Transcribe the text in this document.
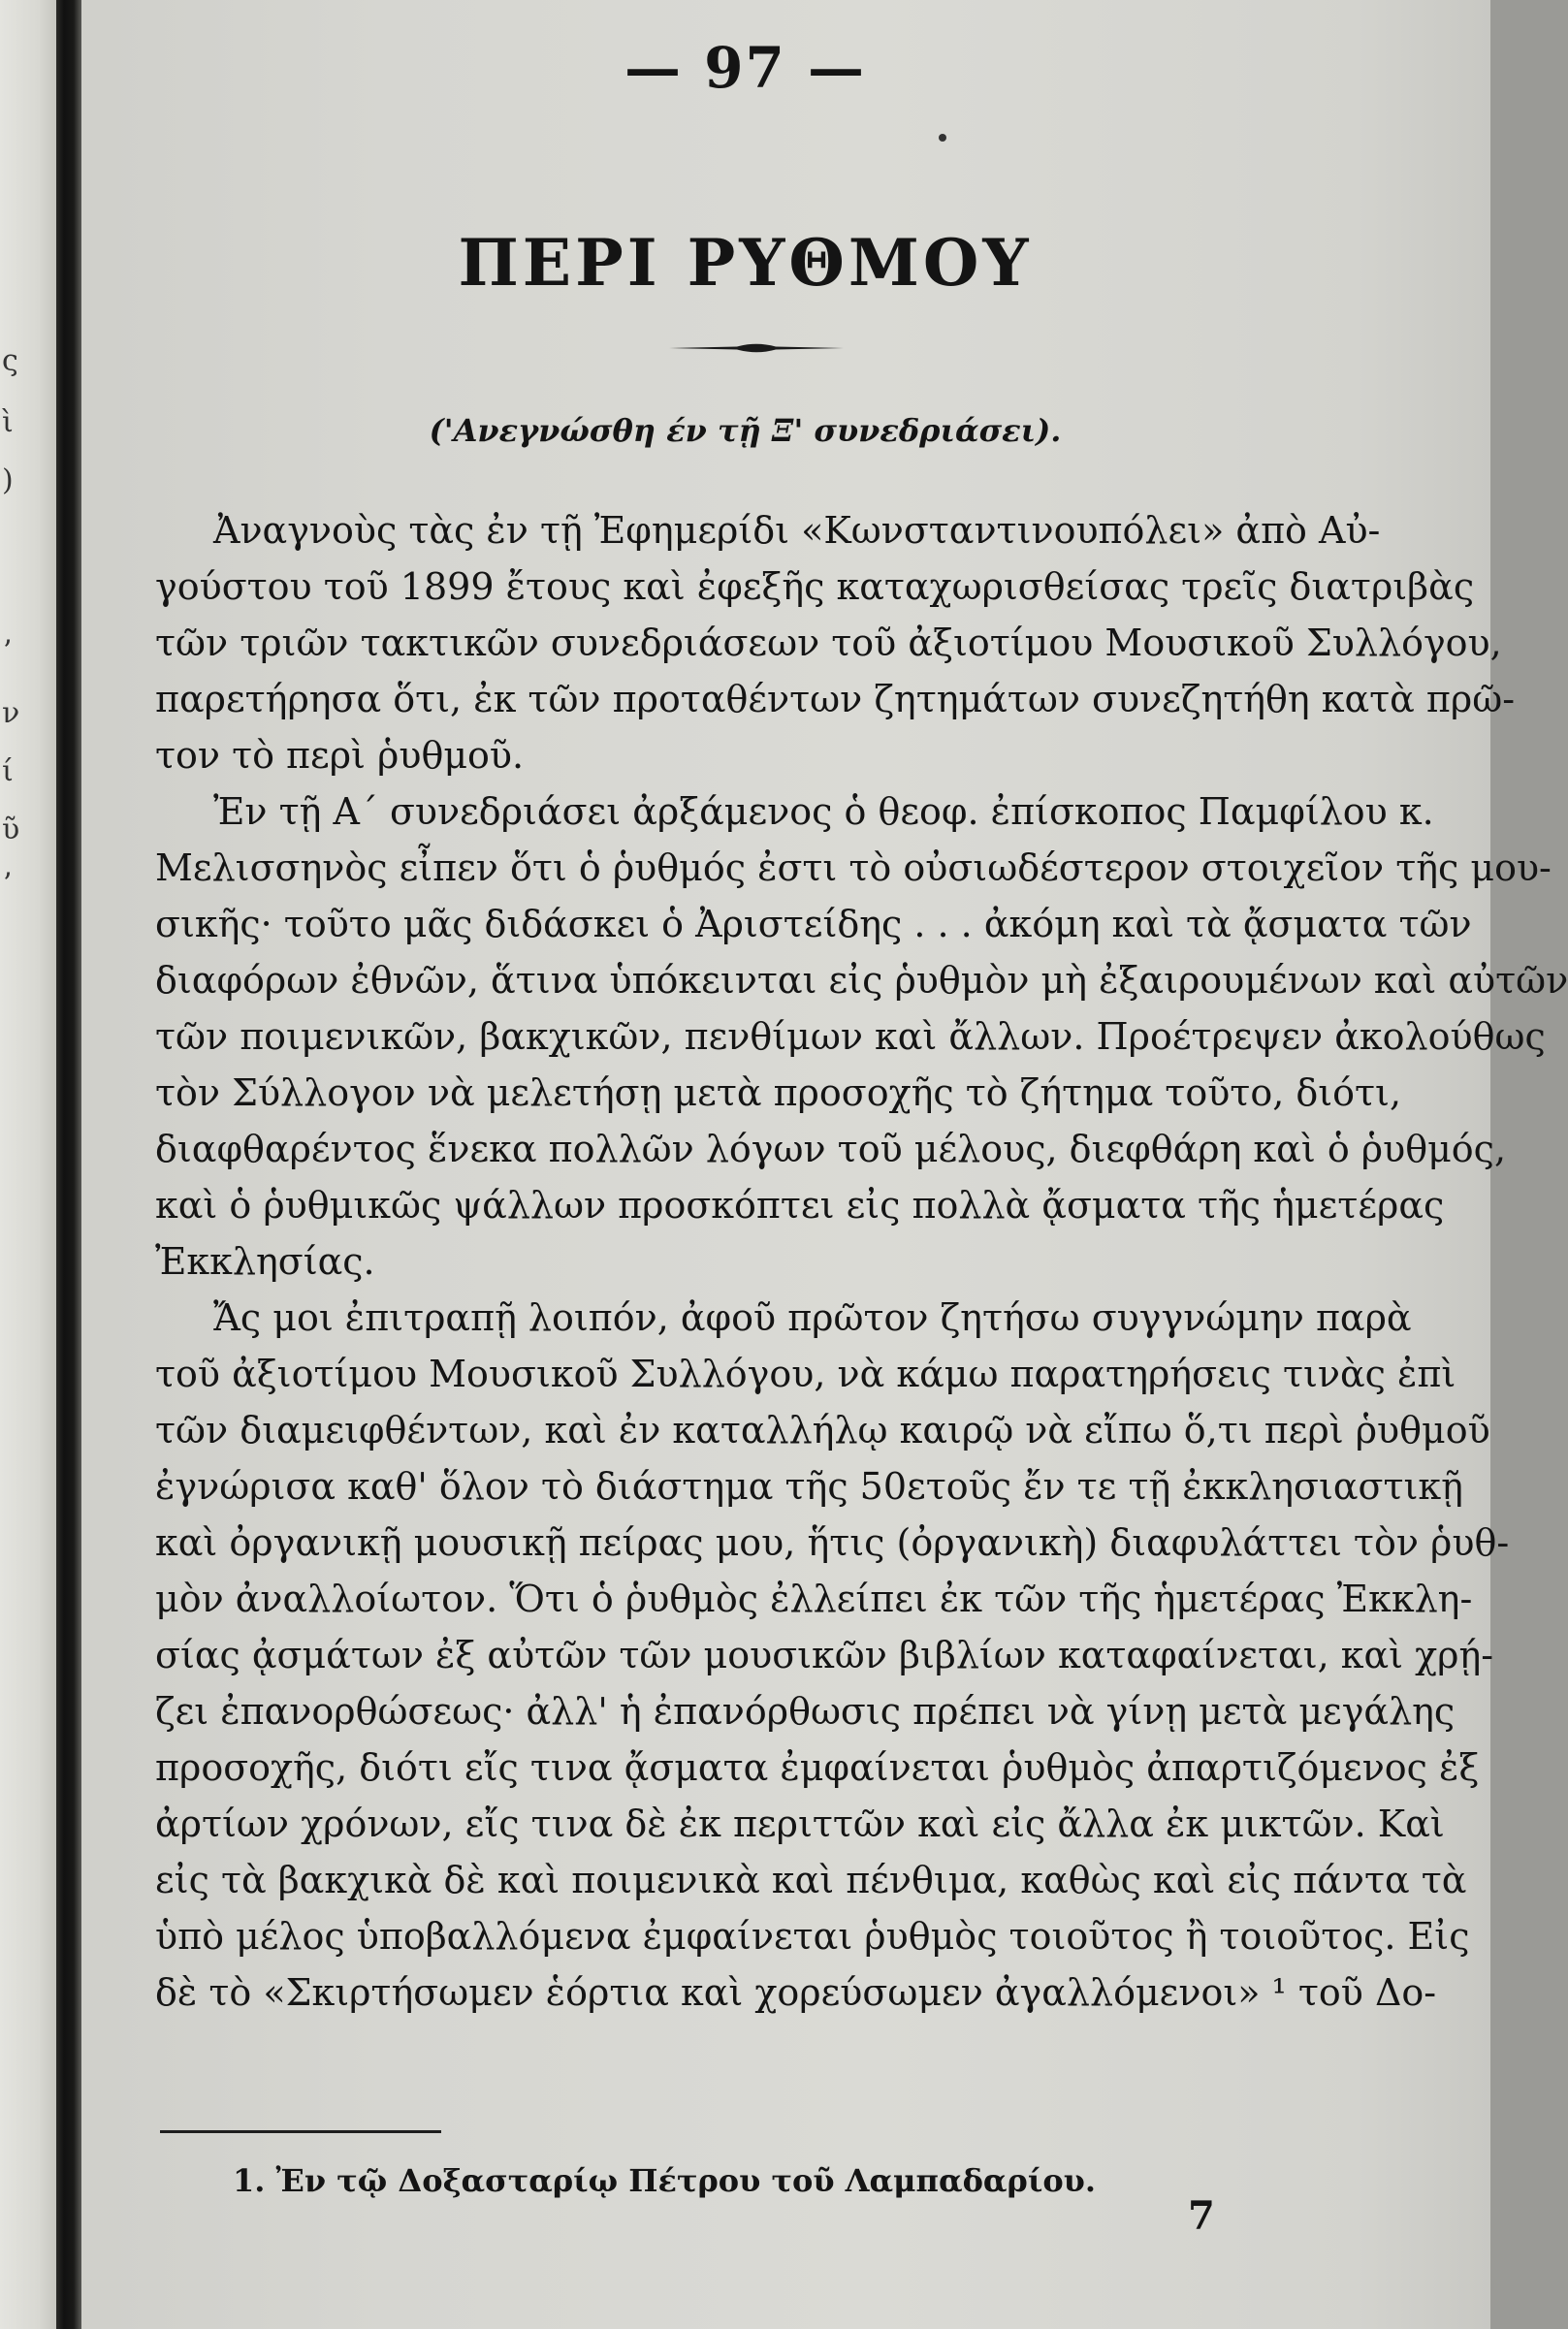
ς
ὶ
)
ʼ
ν
ί
ῦ
ʼ
— 97 —
ΠΕΡΙ ΡΥΘΜΟΥ
('Ανεγνώσθη έν τῇ Ξ' συνεδριάσει).
Ἀναγνοὺς τὰς ἐν τῇ Ἐφημερίδι «Κωνσταντινουπόλει» ἀπὸ Αὐ-
γούστου τοῦ 1899 ἔτους καὶ ἐφεξῆς καταχωρισθείσας τρεῖς διατριβὰς
τῶν τριῶν τακτικῶν συνεδριάσεων τοῦ ἀξιοτίμου Μουσικοῦ Συλλόγου,
παρετήρησα ὅτι, ἐκ τῶν προταθέντων ζητημάτων συνεζητήθη κατὰ πρῶ-
τον τὸ περὶ ῥυθμοῦ.
Ἐν τῇ Α΄ συνεδριάσει ἀρξάμενος ὁ θεοφ. ἐπίσκοπος Παμφίλου κ.
Μελισσηνὸς εἶπεν ὅτι ὁ ῥυθμός ἐστι τὸ οὐσιωδέστερον στοιχεῖον τῆς μου-
σικῆς· τοῦτο μᾶς διδάσκει ὁ Ἀριστείδης . . . ἀκόμη καὶ τὰ ᾄσματα τῶν
διαφόρων ἐθνῶν, ἅτινα ὑπόκεινται εἰς ῥυθμὸν μὴ ἐξαιρουμένων καὶ αὐτῶν
τῶν ποιμενικῶν, βακχικῶν, πενθίμων καὶ ἄλλων. Προέτρεψεν ἀκολούθως
τὸν Σύλλογον νὰ μελετήσῃ μετὰ προσοχῆς τὸ ζήτημα τοῦτο, διότι,
διαφθαρέντος ἕνεκα πολλῶν λόγων τοῦ μέλους, διεφθάρη καὶ ὁ ῥυθμός,
καὶ ὁ ῥυθμικῶς ψάλλων προσκόπτει εἰς πολλὰ ᾄσματα τῆς ἡμετέρας
Ἐκκλησίας.
Ἄς μοι ἐπιτραπῇ λοιπόν, ἀφοῦ πρῶτον ζητήσω συγγνώμην παρὰ
τοῦ ἀξιοτίμου Μουσικοῦ Συλλόγου, νὰ κάμω παρατηρήσεις τινὰς ἐπὶ
τῶν διαμειφθέντων, καὶ ἐν καταλλήλῳ καιρῷ νὰ εἴπω ὅ,τι περὶ ῥυθμοῦ
ἐγνώρισα καθ' ὅλον τὸ διάστημα τῆς 50ετοῦς ἔν τε τῇ ἐκκλησιαστικῇ
καὶ ὀργανικῇ μουσικῇ πείρας μου, ἥτις (ὀργανικὴ) διαφυλάττει τὸν ῥυθ-
μὸν ἀναλλοίωτον. Ὅτι ὁ ῥυθμὸς ἐλλείπει ἐκ τῶν τῆς ἡμετέρας Ἐκκλη-
σίας ᾀσμάτων ἐξ αὐτῶν τῶν μουσικῶν βιβλίων καταφαίνεται, καὶ χρῄ-
ζει ἐπανορθώσεως· ἀλλ' ἡ ἐπανόρθωσις πρέπει νὰ γίνῃ μετὰ μεγάλης
προσοχῆς, διότι εἴς τινα ᾄσματα ἐμφαίνεται ῥυθμὸς ἀπαρτιζόμενος ἐξ
ἀρτίων χρόνων, εἴς τινα δὲ ἐκ περιττῶν καὶ εἰς ἄλλα ἐκ μικτῶν. Καὶ
εἰς τὰ βακχικὰ δὲ καὶ ποιμενικὰ καὶ πένθιμα, καθὼς καὶ εἰς πάντα τὰ
ὑπὸ μέλος ὑποβαλλόμενα ἐμφαίνεται ῥυθμὸς τοιοῦτος ἢ τοιοῦτος. Εἰς
δὲ τὸ «Σκιρτήσωμεν ἑόρτια καὶ χορεύσωμεν ἀγαλλόμενοι» ¹ τοῦ Δο-
1. Ἐν τῷ Δοξασταρίῳ Πέτρου τοῦ Λαμπαδαρίου.
7
